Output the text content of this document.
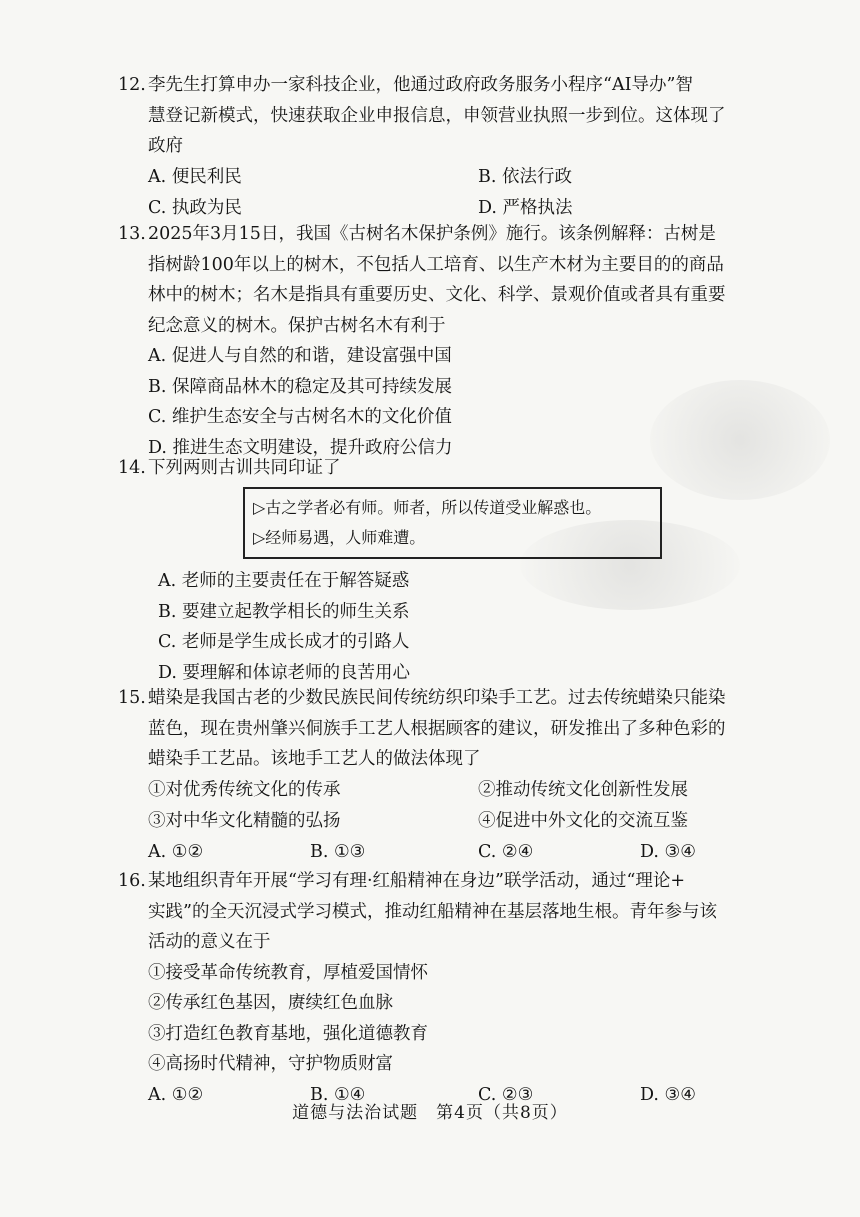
12. 李先生打算申办一家科技企业，他通过政府政务服务小程序“AI导办”智
慧登记新模式，快速获取企业申报信息，申领营业执照一步到位。这体现了
政府
A. 便民利民	B. 依法行政
C. 执政为民	D. 严格执法
13. 2025年3月15日，我国《古树名木保护条例》施行。该条例解释：古树是
指树龄100年以上的树木，不包括人工培育、以生产木材为主要目的的商品
林中的树木；名木是指具有重要历史、文化、科学、景观价值或者具有重要
纪念意义的树木。保护古树名木有利于
A. 促进人与自然的和谐，建设富强中国
B. 保障商品林木的稳定及其可持续发展
C. 维护生态安全与古树名木的文化价值
D. 推进生态文明建设，提升政府公信力
14. 下列两则古训共同印证了
▷古之学者必有师。师者，所以传道受业解惑也。
▷经师易遇，人师难遭。
A. 老师的主要责任在于解答疑惑
B. 要建立起教学相长的师生关系
C. 老师是学生成长成才的引路人
D. 要理解和体谅老师的良苦用心
15. 蜡染是我国古老的少数民族民间传统纺织印染手工艺。过去传统蜡染只能染
蓝色，现在贵州肇兴侗族手工艺人根据顾客的建议，研发推出了多种色彩的
蜡染手工艺品。该地手工艺人的做法体现了
①对优秀传统文化的传承	②推动传统文化创新性发展
③对中华文化精髓的弘扬	④促进中外文化的交流互鉴
A. ①②	B. ①③	C. ②④	D. ③④
16. 某地组织青年开展“学习有理·红船精神在身边”联学活动，通过“理论+
实践”的全天沉浸式学习模式，推动红船精神在基层落地生根。青年参与该
活动的意义在于
①接受革命传统教育，厚植爱国情怀
②传承红色基因，赓续红色血脉
③打造红色教育基地，强化道德教育
④高扬时代精神，守护物质财富
A. ①②	B. ①④	C. ②③	D. ③④
道德与法治试题　第4页（共8页）
